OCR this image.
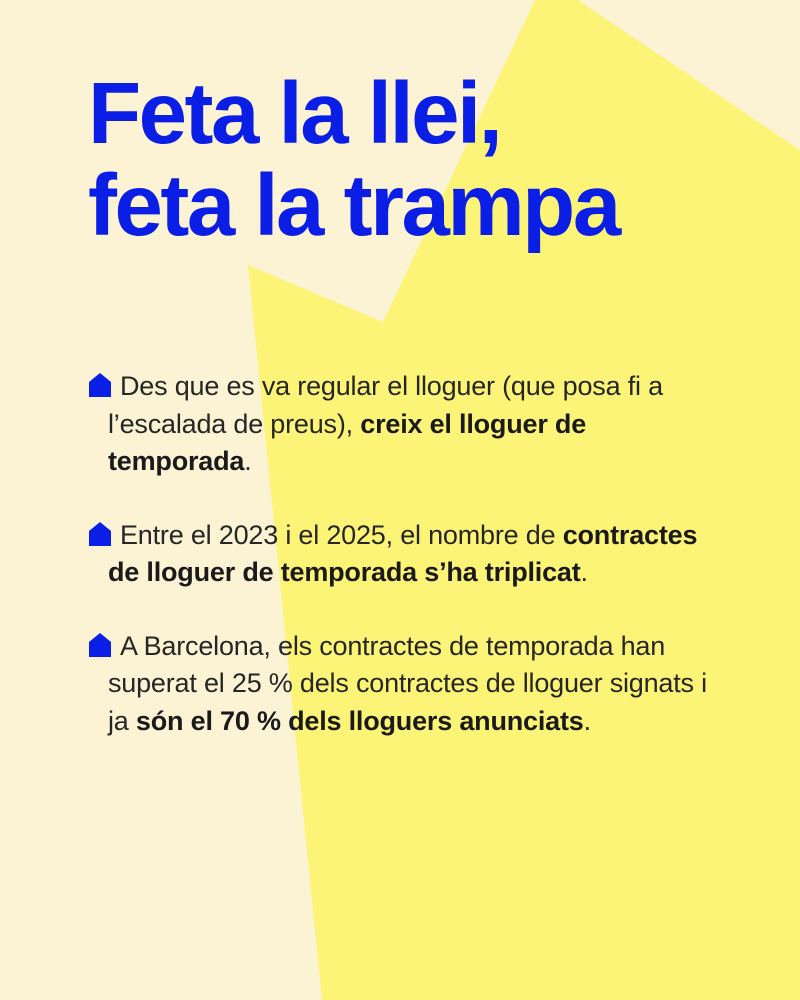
Feta la llei,
feta la trampa
Des que es va regular el lloguer (que posa fi a l’escalada de preus), creix el lloguer de temporada.
Entre el 2023 i el 2025, el nombre de contractes de lloguer de temporada s’ha triplicat.
A Barcelona, els contractes de temporada han superat el 25 % dels contractes de lloguer signats i ja són el 70 % dels lloguers anunciats.
